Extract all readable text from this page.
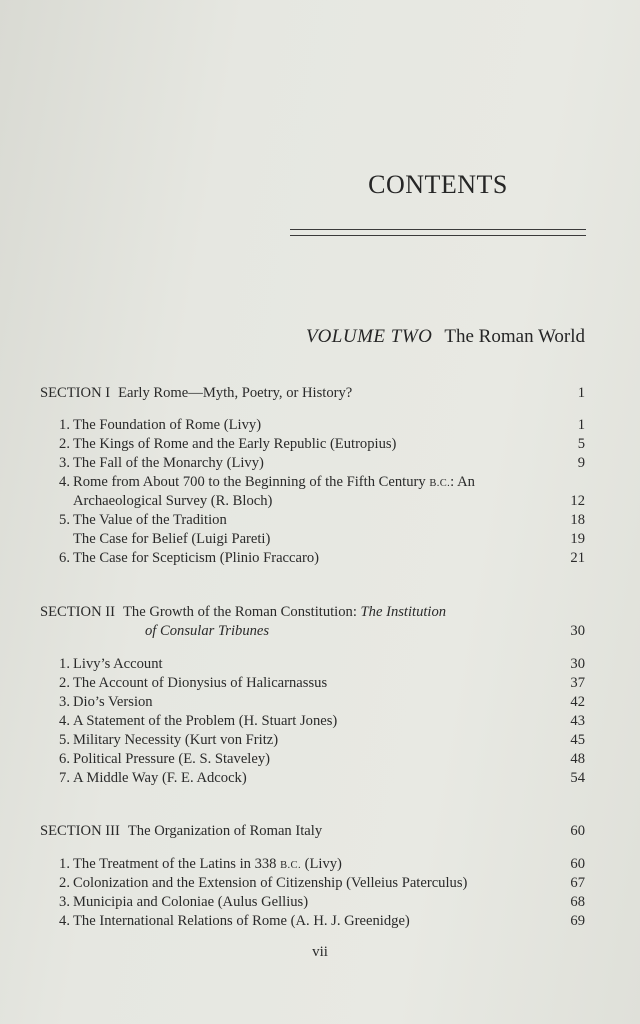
CONTENTS
VOLUME TWO The Roman World
SECTION I Early Rome—Myth, Poetry, or History?	1
1. The Foundation of Rome (Livy)	1
2. The Kings of Rome and the Early Republic (Eutropius)	5
3. The Fall of the Monarchy (Livy)	9
4. Rome from About 700 to the Beginning of the Fifth Century B.C.: An
Archaeological Survey (R. Bloch)	12
5. The Value of the Tradition	18
The Case for Belief (Luigi Pareti)	19
6. The Case for Scepticism (Plinio Fraccaro)	21
SECTION II The Growth of the Roman Constitution: The Institution
of Consular Tribunes	30
1. Livy’s Account	30
2. The Account of Dionysius of Halicarnassus	37
3. Dio’s Version	42
4. A Statement of the Problem (H. Stuart Jones)	43
5. Military Necessity (Kurt von Fritz)	45
6. Political Pressure (E. S. Staveley)	48
7. A Middle Way (F. E. Adcock)	54
SECTION III The Organization of Roman Italy	60
1. The Treatment of the Latins in 338 B.C. (Livy)	60
2. Colonization and the Extension of Citizenship (Velleius Paterculus)	67
3. Municipia and Coloniae (Aulus Gellius)	68
4. The International Relations of Rome (A. H. J. Greenidge)	69
vii
